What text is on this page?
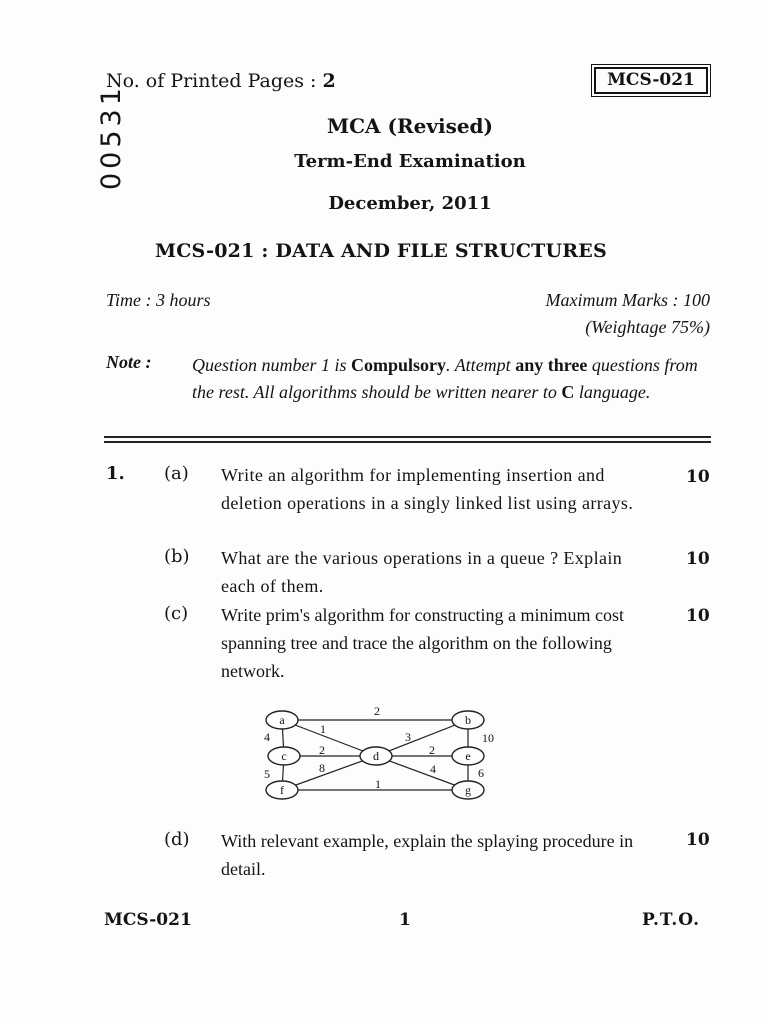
No. of Printed Pages : 2	MCS-021
00531	MCA (Revised)
Term-End Examination
December, 2011
MCS-021 : DATA AND FILE STRUCTURES
Time : 3 hours	Maximum Marks : 100
(Weightage 75%)
Note : Question number 1 is Compulsory. Attempt any three questions from the rest. All algorithms should be written nearer to C language.
1. (a) Write an algorithm for implementing insertion and deletion operations in a singly linked list using arrays.
10
(b) What are the various operations in a queue ? Explain each of them.
10
(c) Write prim's algorithm for constructing a minimum cost spanning tree and trace the algorithm on the following network.
10
2
4
1
3	10
2
5
2
8	4	6
1
a	b
c	d	e
f	g
(d) With relevant example, explain the splaying procedure in detail.
10
MCS-021	1	P.T.O.
